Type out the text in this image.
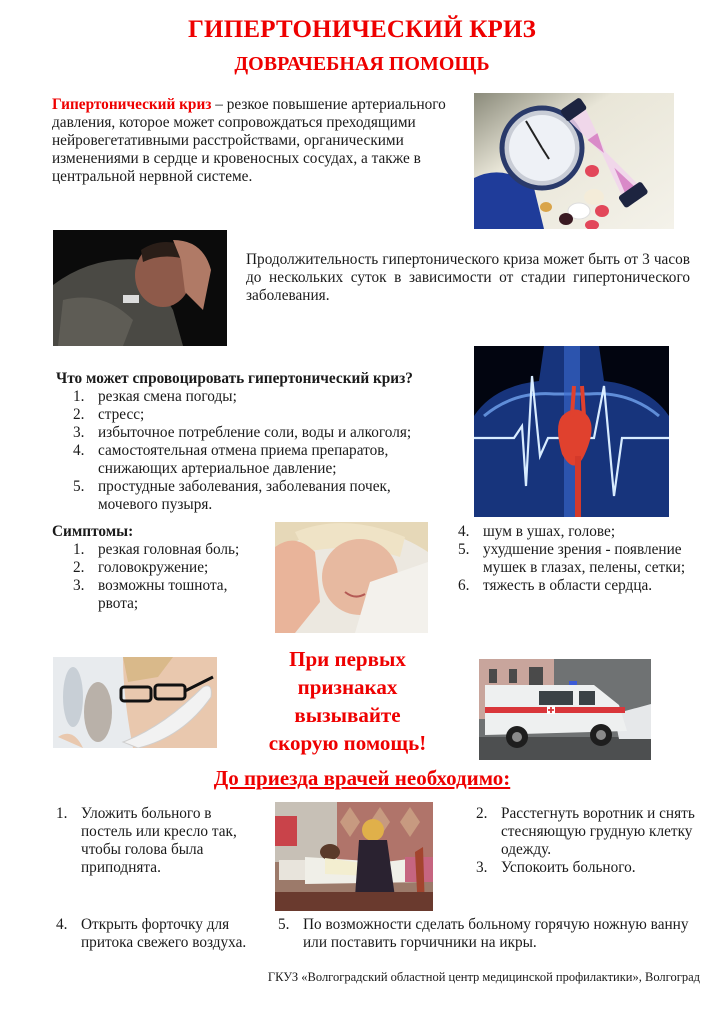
ГИПЕРТОНИЧЕСКИЙ КРИЗ
ДОВРАЧЕБНАЯ ПОМОЩЬ
Гипертонический криз – резкое повышение артериального давления, которое может сопровождаться преходящими нейровегетативными расстройствами, органическими изменениями в сердце и кровеносных сосудах, а также в центральной нервной системе.
Продолжительность гипертонического криза может быть от 3 часов до нескольких суток в зависимости от стадии гипертонического заболевания.
Что может спровоцировать гипертонический криз?
1. резкая смена погоды;
2. стресс;
3. избыточное потребление соли, воды и алкоголя;
4. самостоятельная отмена приема препаратов, снижающих артериальное давление;
5. простудные заболевания, заболевания почек, мочевого пузыря.
Симптомы:
1. резкая головная боль;
2. головокружение;
3. возможны тошнота, рвота;
4. шум в ушах, голове;
5. ухудшение зрения - появление мушек в глазах, пелены, сетки;
6. тяжесть в области сердца.
При первых
признаках
вызывайте
скорую помощь!
До приезда врачей необходимо:
1. Уложить больного в постель или кресло так, чтобы голова была приподнята.
2. Расстегнуть воротник и снять стесняющую грудную клетку одежду.
3. Успокоить больного.
4. Открыть форточку для притока свежего воздуха.
5. По возможности сделать больному горячую ножную ванну или поставить горчичники на икры.
ГКУЗ «Волгоградский областной центр медицинской профилактики», Волгоград
